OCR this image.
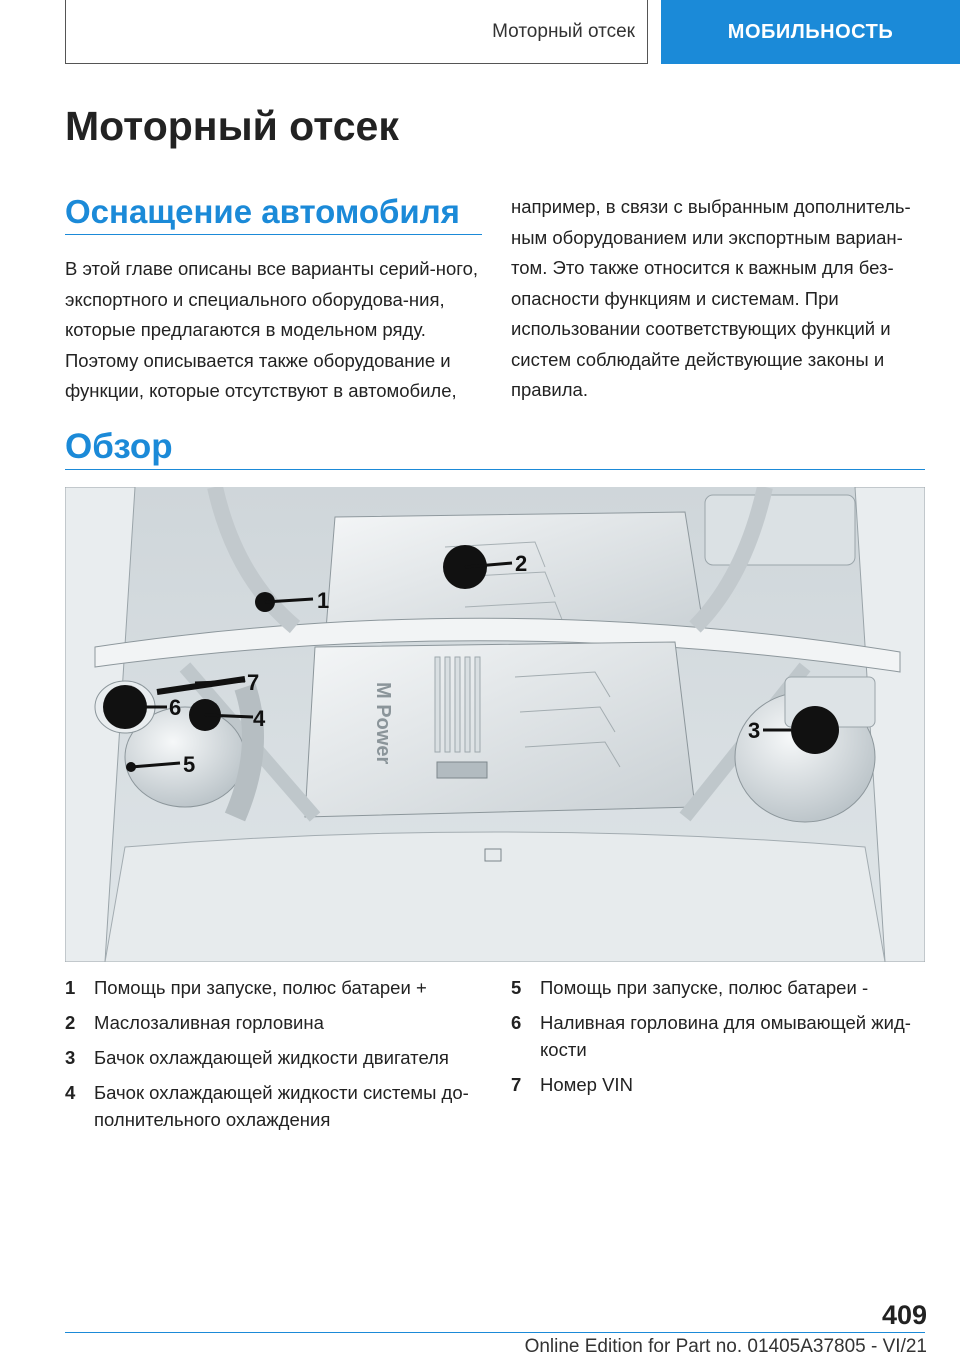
Моторный отсек	МОБИЛЬНОСТЬ
Моторный отсек
Оснащение автомобиля

В этой главе описаны все варианты серий-ного, экспортного и специального оборудова-ния, которые предлагаются в модельном ряду. Поэтому описывается также оборудование и функции, которые отсутствуют в автомобиле,

например, в связи с выбранным дополнитель-ным оборудованием или экспортным вариан-том. Это также относится к важным для без-опасности функциям и системам. При использовании соответствующих функций и систем соблюдайте действующие законы и правила.

Обзор
M Power
1
2
3
4
5
6
7
1 Помощь при запуске, полюс батареи +
2 Маслозаливная горловина
3 Бачок охлаждающей жидкости двигателя
4 Бачок охлаждающей жидкости системы до-полнительного охлаждения
5 Помощь при запуске, полюс батареи -
6 Наливная горловина для омывающей жид-кости
7 Номер VIN
409
Online Edition for Part no. 01405A37805 - VI/21
